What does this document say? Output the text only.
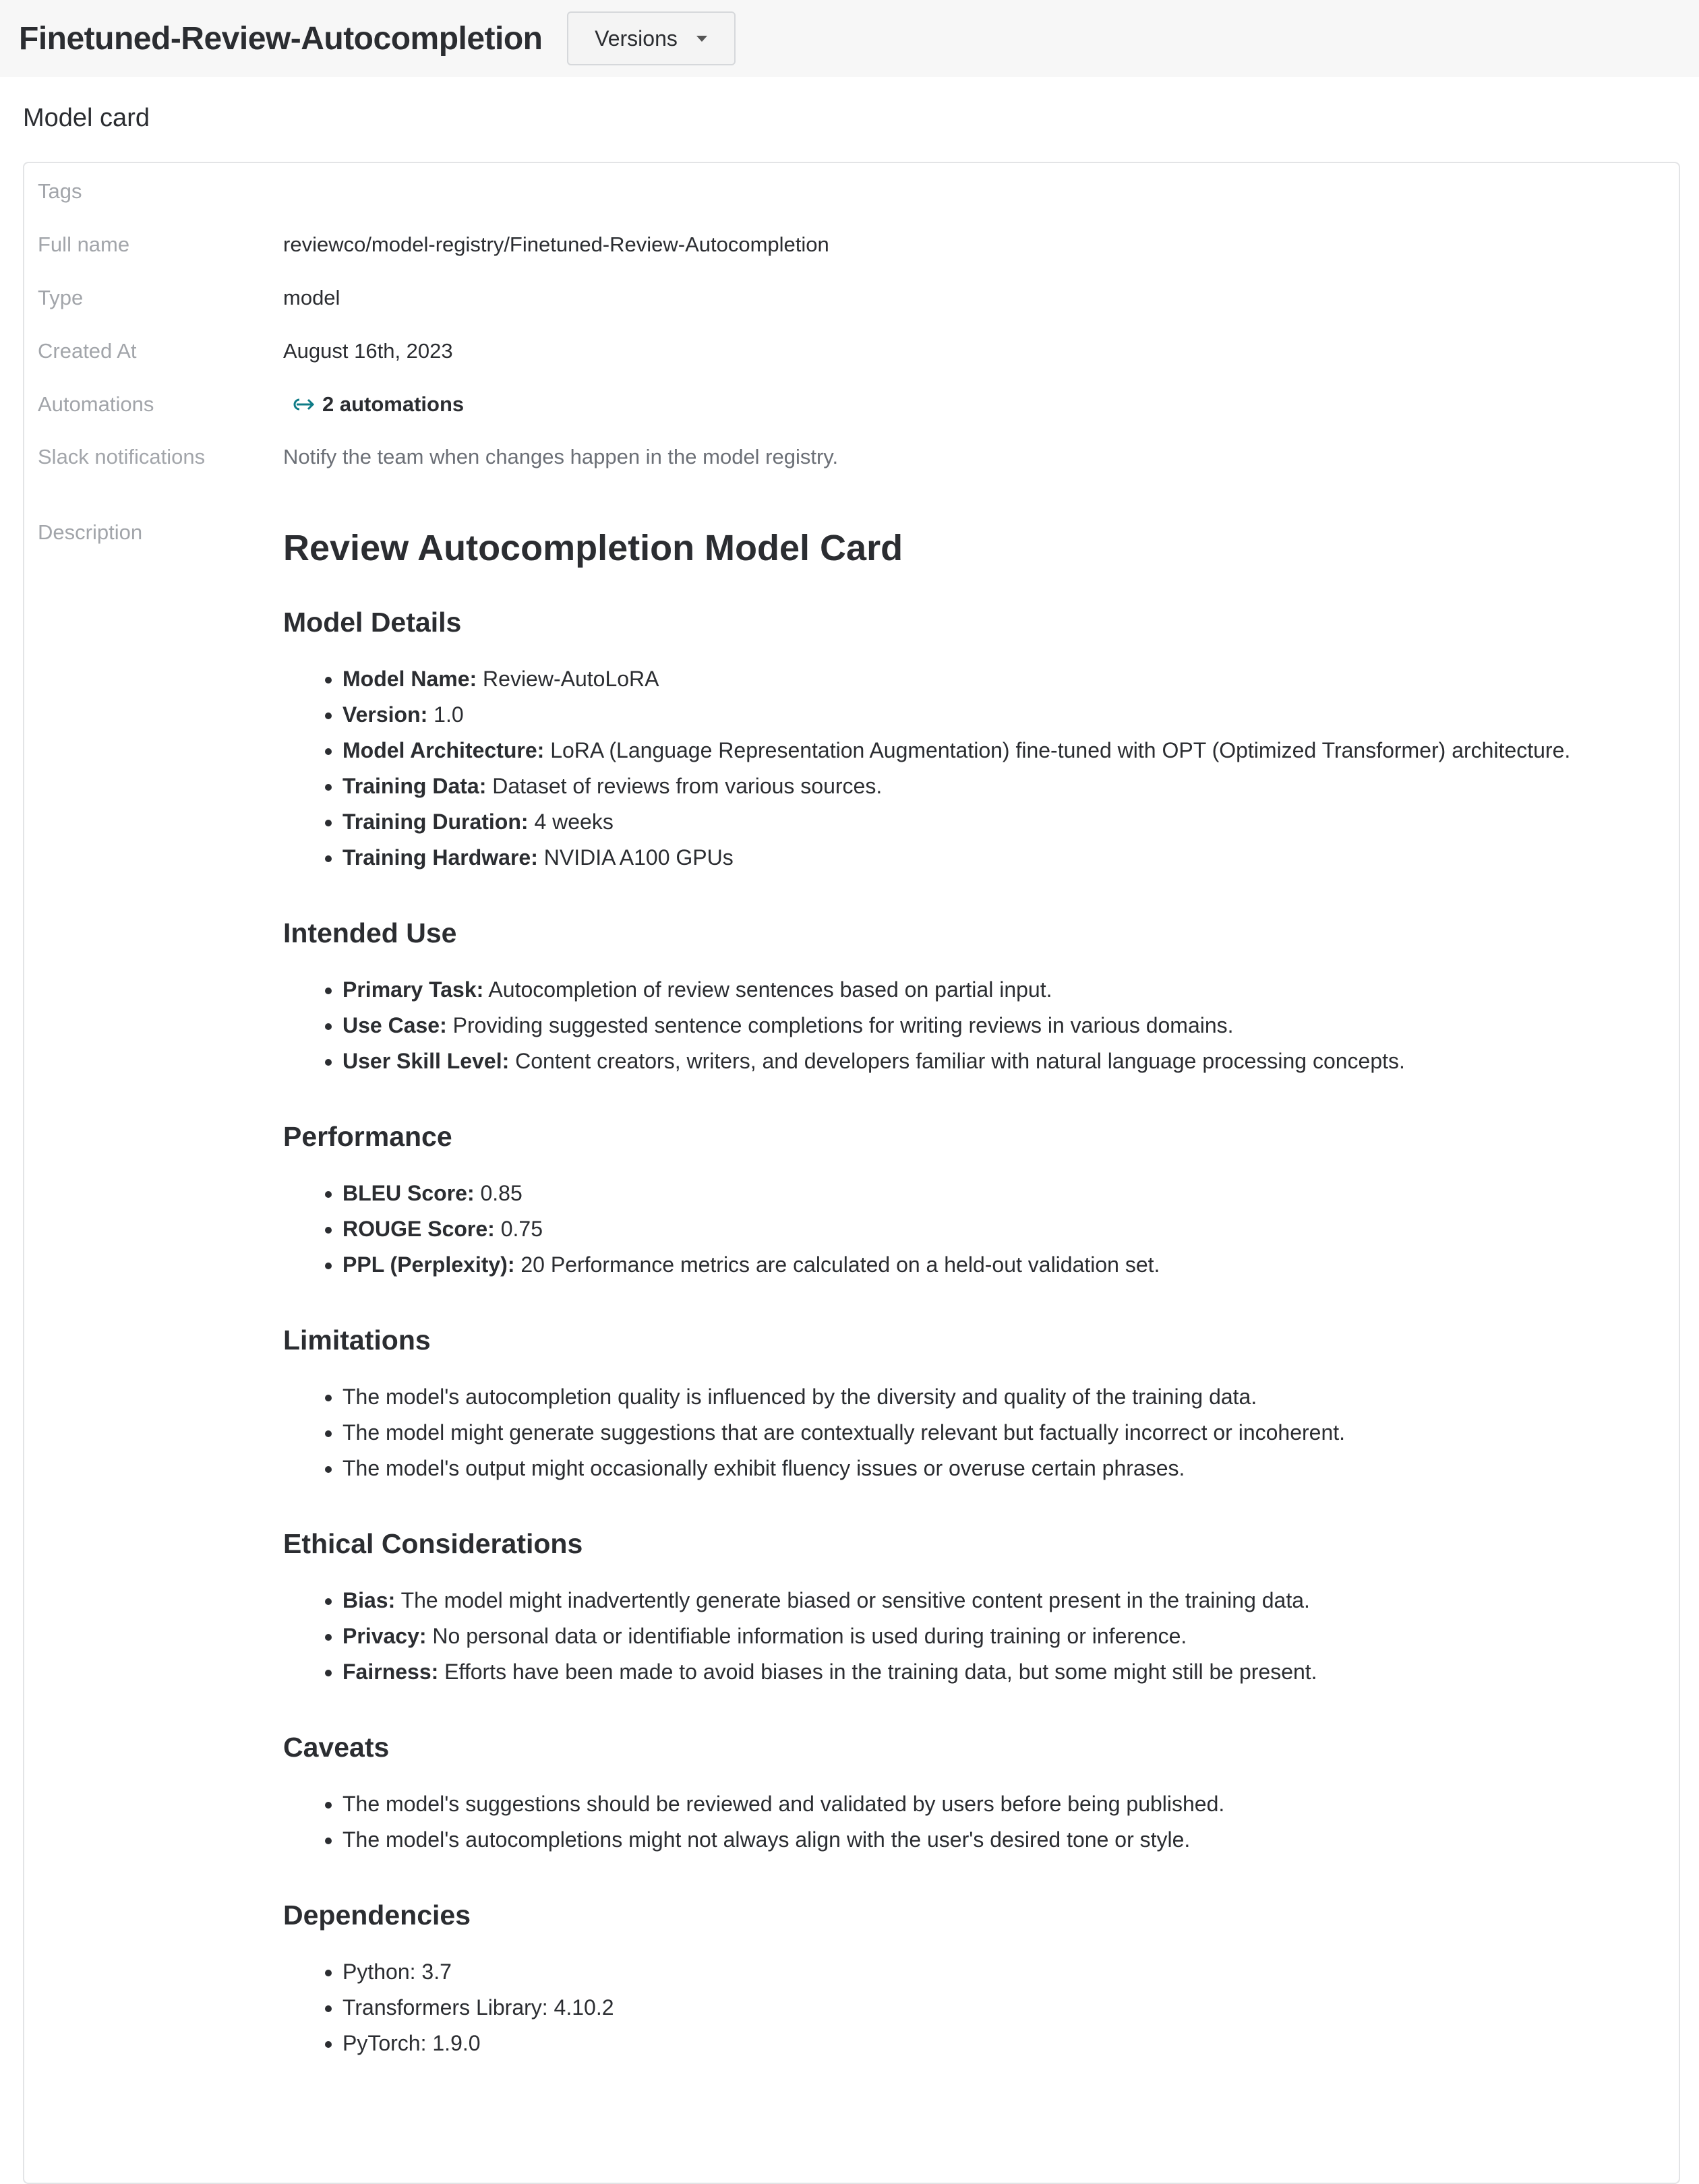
Finetuned-Review-Autocompletion Versions
Model card
Tags
Full name	reviewco/model-registry/Finetuned-Review-Autocompletion
Type	model
Created At	August 16th, 2023
Automations	2 automations
Slack notifications	Notify the team when changes happen in the model registry.
Description	Review Autocompletion Model Card
Model Details
• Model Name: Review-AutoLoRA
• Version: 1.0
• Model Architecture: LoRA (Language Representation Augmentation) fine-tuned with OPT (Optimized Transformer) architecture.
• Training Data: Dataset of reviews from various sources.
• Training Duration: 4 weeks
• Training Hardware: NVIDIA A100 GPUs
Intended Use
• Primary Task: Autocompletion of review sentences based on partial input.
• Use Case: Providing suggested sentence completions for writing reviews in various domains.
• User Skill Level: Content creators, writers, and developers familiar with natural language processing concepts.
Performance
• BLEU Score: 0.85
• ROUGE Score: 0.75
• PPL (Perplexity): 20 Performance metrics are calculated on a held-out validation set.
Limitations
• The model's autocompletion quality is influenced by the diversity and quality of the training data.
• The model might generate suggestions that are contextually relevant but factually incorrect or incoherent.
• The model's output might occasionally exhibit fluency issues or overuse certain phrases.
Ethical Considerations
• Bias: The model might inadvertently generate biased or sensitive content present in the training data.
• Privacy: No personal data or identifiable information is used during training or inference.
• Fairness: Efforts have been made to avoid biases in the training data, but some might still be present.
Caveats
• The model's suggestions should be reviewed and validated by users before being published.
• The model's autocompletions might not always align with the user's desired tone or style.
Dependencies
• Python: 3.7
• Transformers Library: 4.10.2
• PyTorch: 1.9.0
